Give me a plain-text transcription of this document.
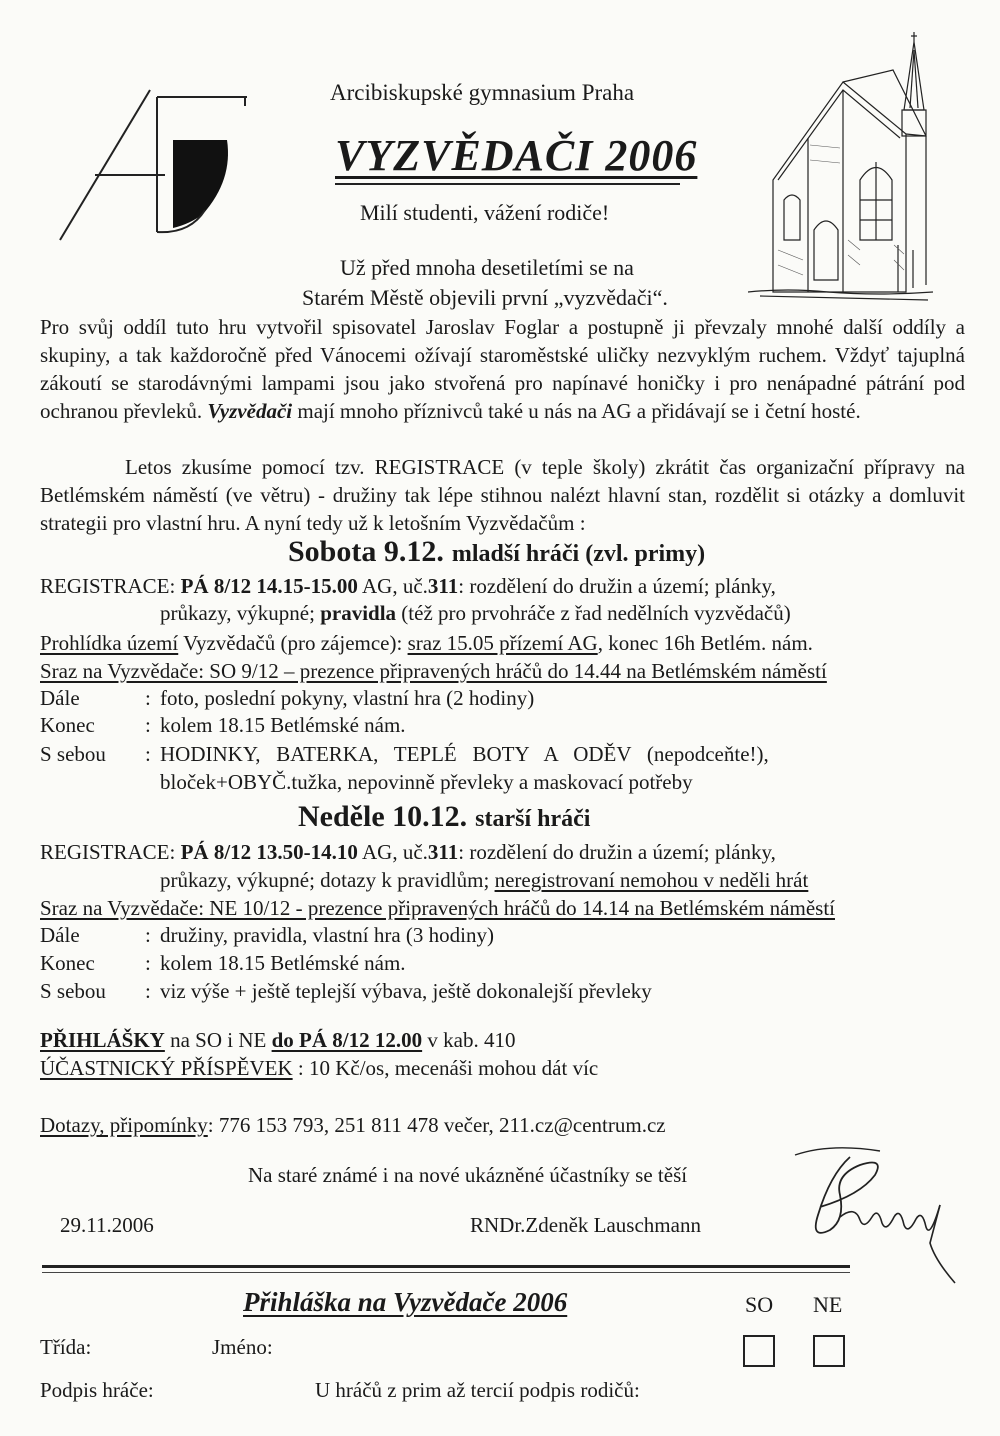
Arcibiskupské gymnasium Praha
VYZVĚDAČI 2006
Milí studenti, vážení rodiče!
Už před mnoha desetiletími se na
Starém Městě objevili první „vyzvědači“.
Pro svůj oddíl tuto hru vytvořil spisovatel Jaroslav Foglar a postupně ji převzaly mnohé další oddíly a skupiny, a tak každoročně před Vánocemi ožívají staroměstské uličky nezvyklým ruchem. Vždyť tajuplná zákoutí se starodávnými lampami jsou jako stvořená pro napínavé honičky i pro nenápadné pátrání pod ochranou převleků. Vyzvědači mají mnoho příznivců také u nás na AG a přidávají se i četní hosté.
Letos zkusíme pomocí tzv. REGISTRACE (v teple školy) zkrátit čas organizační přípravy na Betlémském náměstí (ve větru) - družiny tak lépe stihnou nalézt hlavní stan, rozdělit si otázky a domluvit strategii pro vlastní hru. A nyní tedy už k letošním Vyzvědačům :
Sobota 9.12. mladší hráči (zvl. primy)
REGISTRACE: PÁ 8/12 14.15-15.00 AG, uč.311: rozdělení do družin a území; plánky,
průkazy, výkupné; pravidla (též pro prvohráče z řad nedělních vyzvědačů)
Prohlídka území Vyzvědačů (pro zájemce): sraz 15.05 přízemí AG, konec 16h Betlém. nám.
Sraz na Vyzvědače: SO 9/12 – prezence připravených hráčů do 14.44 na Betlémském náměstí
Dále	: foto, poslední pokyny, vlastní hra (2 hodiny)
Konec : kolem 18.15 Betlémské nám.
S sebou : HODINKY,   BATERKA,   TEPLÉ   BOTY   A   ODĚV   (nepodceňte!),
bloček+OBYČ.tužka, nepovinně převleky a maskovací potřeby
Neděle 10.12. starší hráči
REGISTRACE: PÁ 8/12 13.50-14.10 AG, uč.311: rozdělení do družin a území; plánky,
průkazy, výkupné; dotazy k pravidlům; neregistrovaní nemohou v neděli hrát
Sraz na Vyzvědače: NE 10/12 - prezence připravených hráčů do 14.14 na Betlémském náměstí
Dále	: družiny, pravidla, vlastní hra (3 hodiny)
Konec : kolem 18.15 Betlémské nám.
S sebou : viz výše + ještě teplejší výbava, ještě dokonalejší převleky
PŘIHLÁŠKY na SO i NE do PÁ 8/12 12.00 v kab. 410
ÚČASTNICKÝ PŘÍSPĚVEK : 10 Kč/os, mecenáši mohou dát víc
Dotazy, připomínky: 776 153 793, 251 811 478 večer, 211.cz@centrum.cz
Na staré známé i na nové ukázněné účastníky se těší
29.11.2006	RNDr.Zdeněk Lauschmann
Přihláška na Vyzvědače 2006	SO NE
Třída:	Jméno:
Podpis hráče:	U hráčů z prim až tercií podpis rodičů:
